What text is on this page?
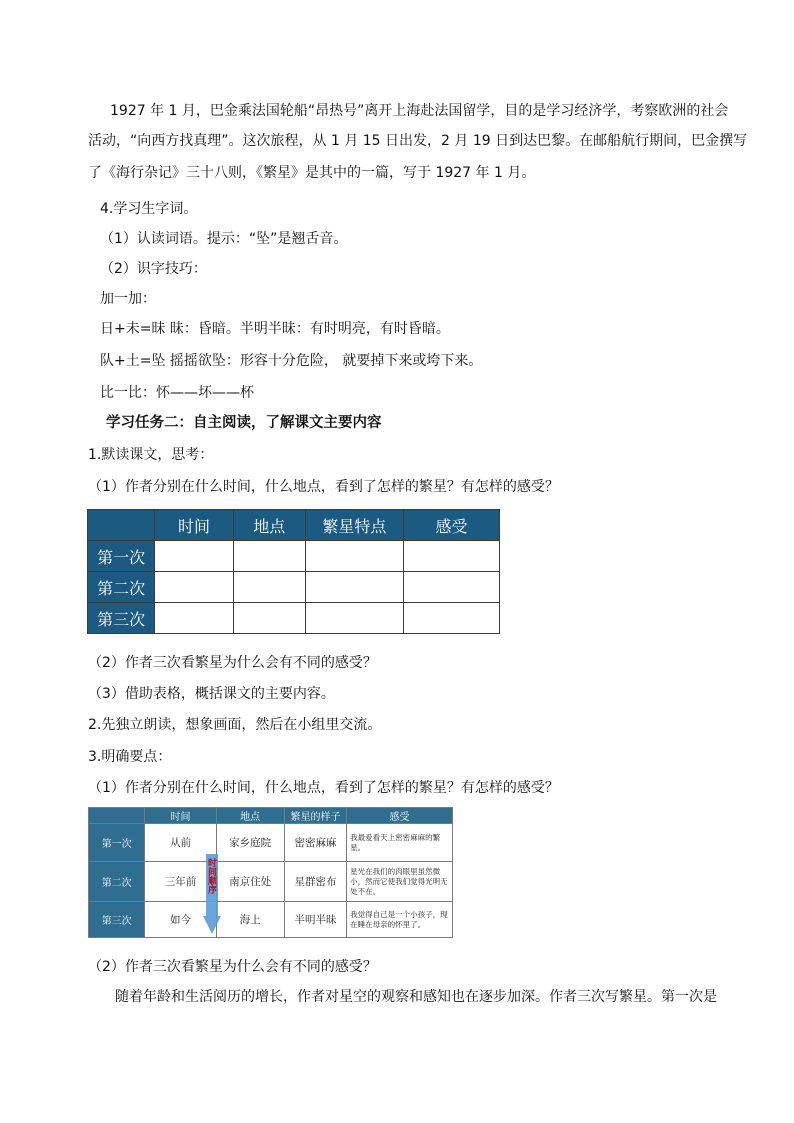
1927 年 1 月，巴金乘法国轮船“昂热号”离开上海赴法国留学，目的是学习经济学，考察欧洲的社会
活动，“向西方找真理”。这次旅程，从 1 月 15 日出发，2 月 19 日到达巴黎。在邮船航行期间，巴金撰写
了《海行杂记》三十八则，《繁星》是其中的一篇，写于 1927 年 1 月。
4.学习生字词。
（1）认读词语。提示：“坠”是翘舌音。
（2）识字技巧：
加一加：
日+未=昧 昧：昏暗。半明半昧：有时明亮，有时昏暗。
队+土=坠 摇摇欲坠：形容十分危险， 就要掉下来或垮下来。
比一比：怀——坏——杯
学习任务二：自主阅读，了解课文主要内容
1.默读课文，思考：
（1）作者分别在什么时间，什么地点，看到了怎样的繁星？有怎样的感受？
	时间	地点	繁星特点	感受
第一次				
第二次				
第三次				
（2）作者三次看繁星为什么会有不同的感受？
（3）借助表格，概括课文的主要内容。
2.先独立朗读，想象画面，然后在小组里交流。
3.明确要点：
（1）作者分别在什么时间，什么地点，看到了怎样的繁星？有怎样的感受？
	时间	地点	繁星的样子	感受
第一次	从前	家乡庭院	密密麻麻	我最爱看天上密密麻麻的繁星。
第二次	三年前	南京住处	星群密布	星光在我们的肉眼里虽然微小，然而它使我们觉得光明无处不在。
第三次	如今	海上	半明半昧	我觉得自己是一个小孩子，现在睡在母亲的怀里了。
时间顺序
（2）作者三次看繁星为什么会有不同的感受？
随着年龄和生活阅历的增长，作者对星空的观察和感知也在逐步加深。作者三次写繁星。第一次是
